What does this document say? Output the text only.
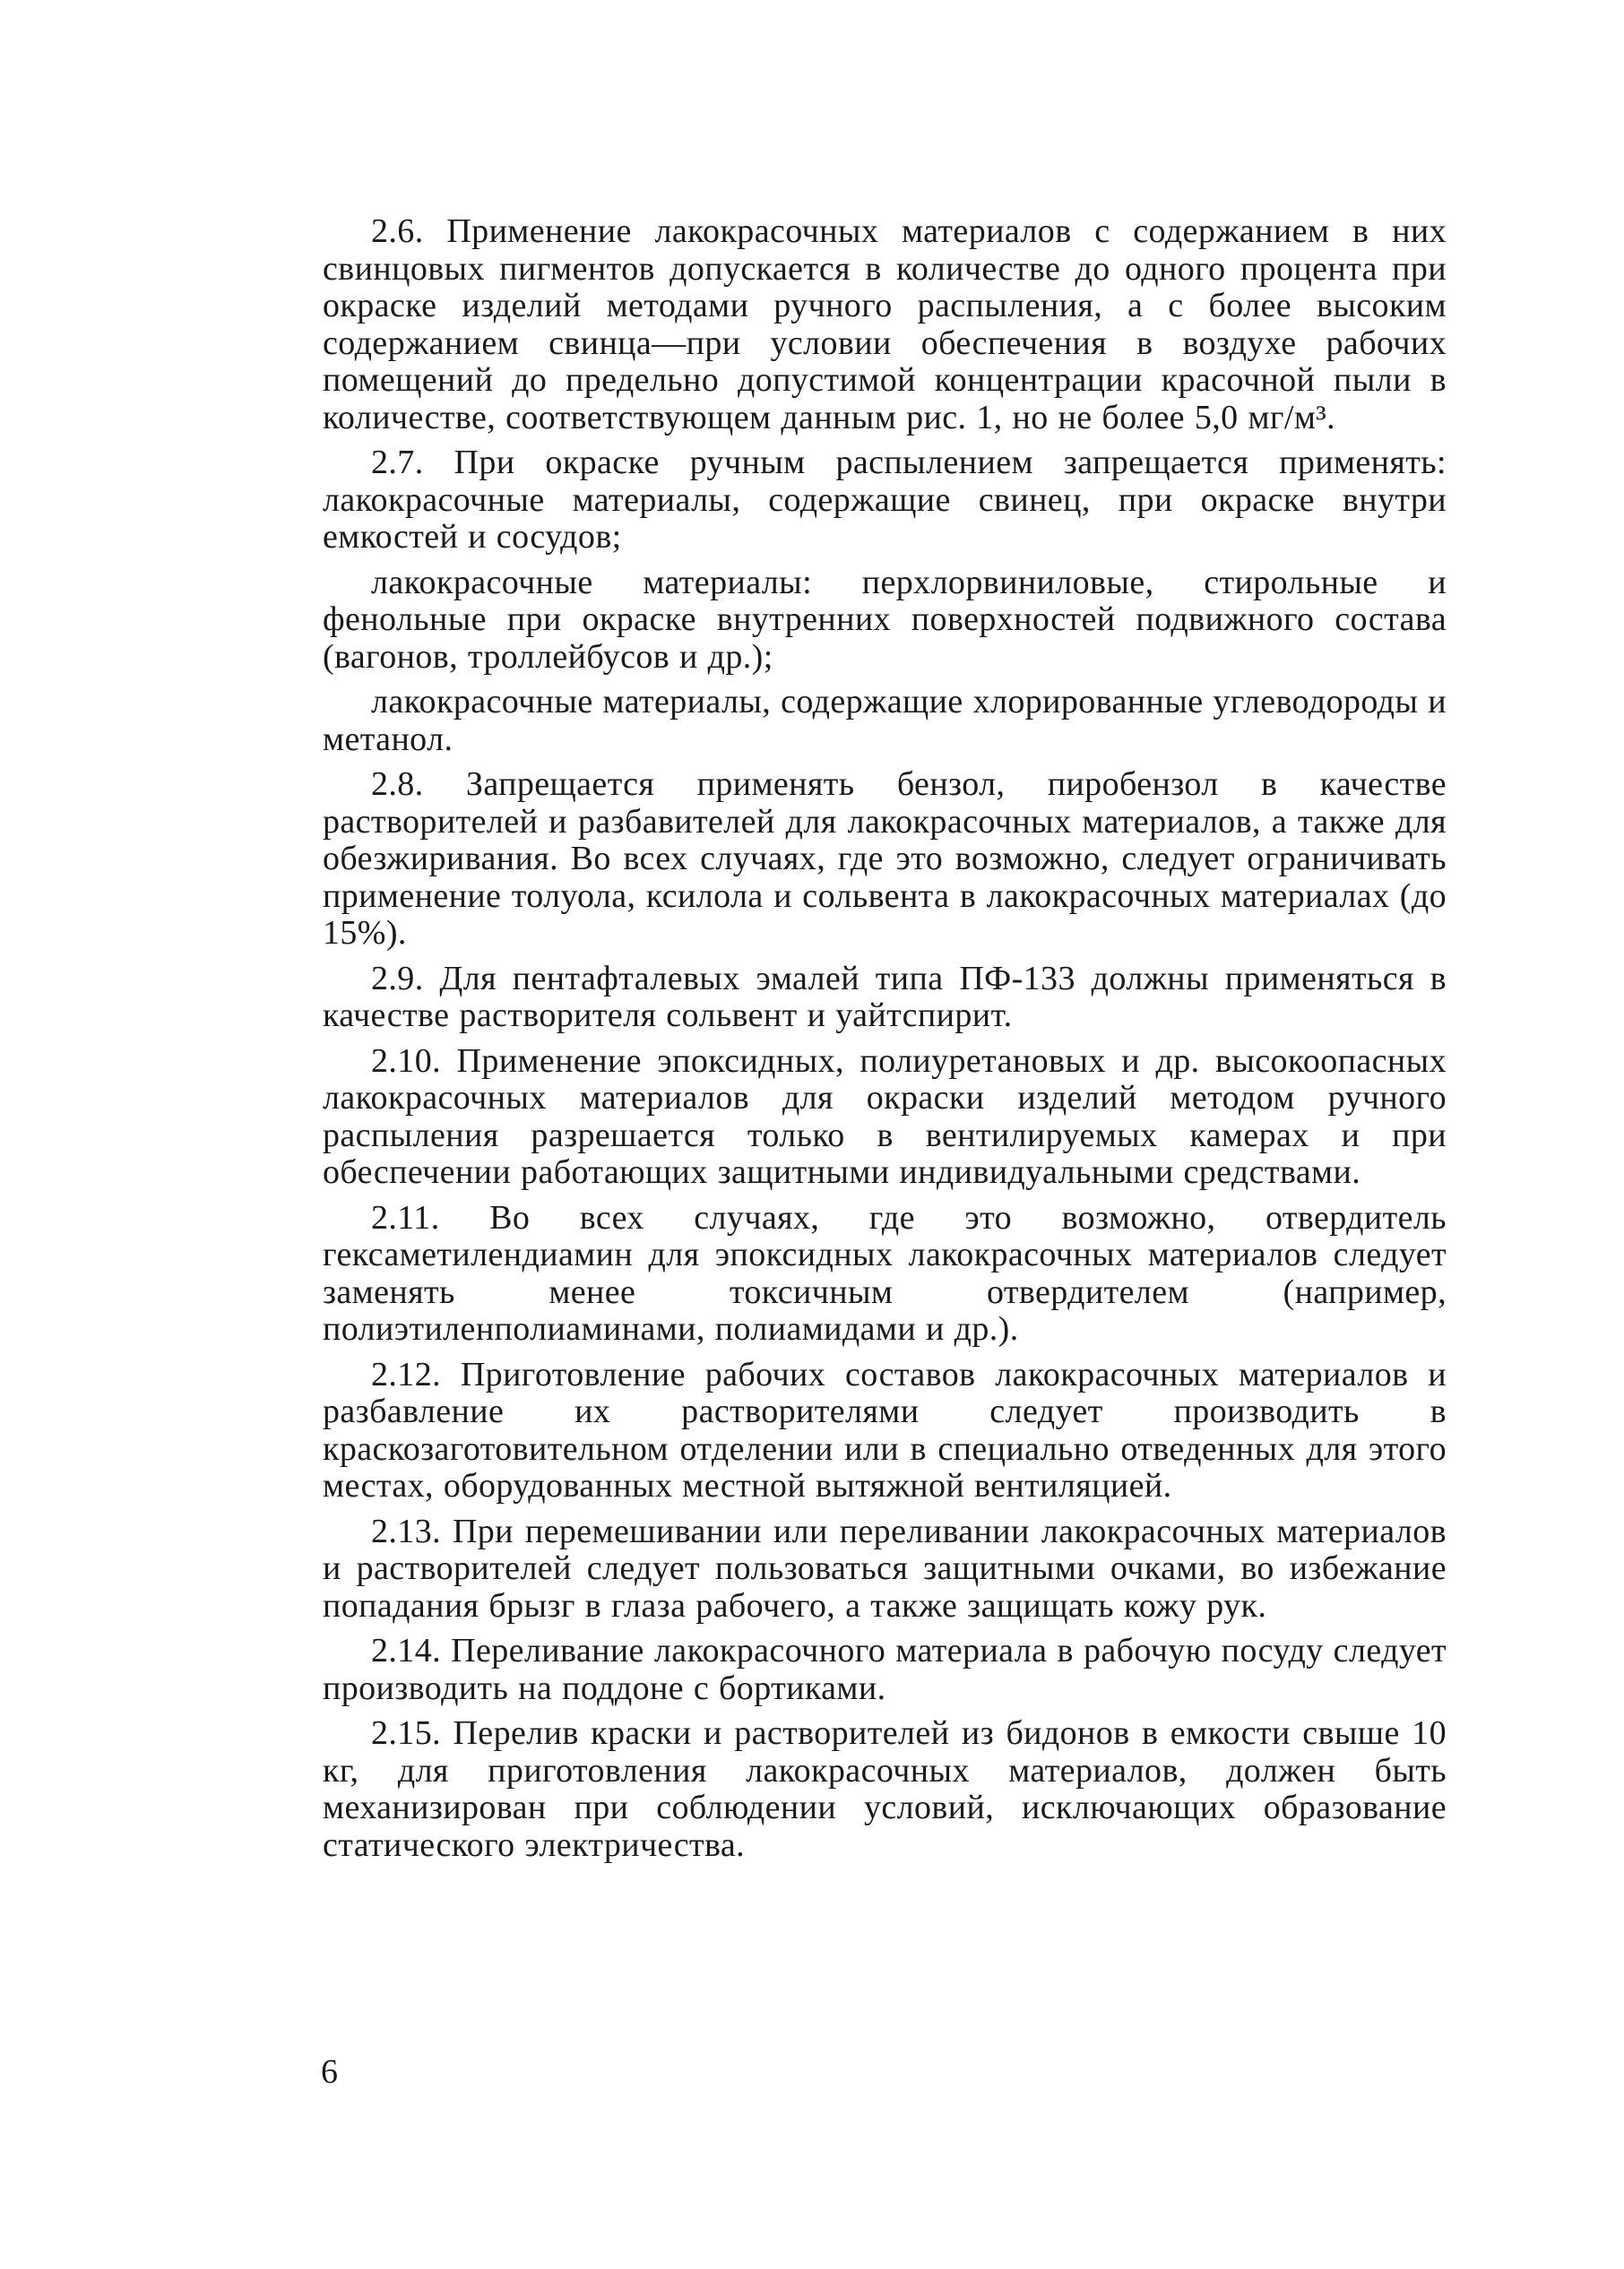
2.6. Применение лакокрасочных материалов с содержанием в них свинцовых пигментов допускается в количестве до одного процента при окраске изделий методами ручного распыления, а с более высоким содержанием свинца—при условии обеспечения в воздухе рабочих помещений до предельно допустимой концентрации красочной пыли в количестве, соответствующем данным рис. 1, но не более 5,0 мг/м³.

2.7. При окраске ручным распылением запрещается применять: лакокрасочные материалы, содержащие свинец, при окраске внутри емкостей и сосудов;

лакокрасочные материалы: перхлорвиниловые, стирольные и фенольные при окраске внутренних поверхностей подвижного состава (вагонов, троллейбусов и др.);

лакокрасочные материалы, содержащие хлорированные углеводороды и метанол.

2.8. Запрещается применять бензол, пиробензол в качестве растворителей и разбавителей для лакокрасочных материалов, а также для обезжиривания. Во всех случаях, где это возможно, следует ограничивать применение толуола, ксилола и сольвента в лакокрасочных материалах (до 15%).

2.9. Для пентафталевых эмалей типа ПФ-133 должны применяться в качестве растворителя сольвент и уайтспирит.

2.10. Применение эпоксидных, полиуретановых и др. высокоопасных лакокрасочных материалов для окраски изделий методом ручного распыления разрешается только в вентилируемых камерах и при обеспечении работающих защитными индивидуальными средствами.

2.11. Во всех случаях, где это возможно, отвердитель гексаметилендиамин для эпоксидных лакокрасочных материалов следует заменять менее токсичным отвердителем (например, полиэтиленполиаминами, полиамидами и др.).

2.12. Приготовление рабочих составов лакокрасочных материалов и разбавление их растворителями следует производить в краскозаготовительном отделении или в специально отведенных для этого местах, оборудованных местной вытяжной вентиляцией.

2.13. При перемешивании или переливании лакокрасочных материалов и растворителей следует пользоваться защитными очками, во избежание попадания брызг в глаза рабочего, а также защищать кожу рук.

2.14. Переливание лакокрасочного материала в рабочую посуду следует производить на поддоне с бортиками.

2.15. Перелив краски и растворителей из бидонов в емкости свыше 10 кг, для приготовления лакокрасочных материалов, должен быть механизирован при соблюдении условий, исключающих образование статического электричества.

6
